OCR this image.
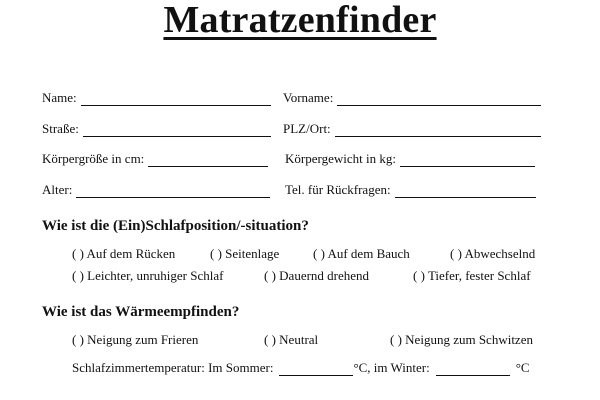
Matratzenfinder
Name:	Vorname:
Straße:	PLZ/Ort:
Körpergröße in cm:	Körpergewicht in kg:
Alter:	Tel. für Rückfragen:
Wie ist die (Ein)Schlafposition/-situation?
( ) Auf dem Rücken	( ) Seitenlage	( ) Auf dem Bauch	( ) Abwechselnd
( ) Leichter, unruhiger Schlaf	( ) Dauernd drehend	( ) Tiefer, fester Schlaf
Wie ist das Wärmeempfinden?
( ) Neigung zum Frieren	( ) Neutral	( ) Neigung zum Schwitzen
Schlafzimmertemperatur: Im Sommer:	°C, im Winter:	°C
